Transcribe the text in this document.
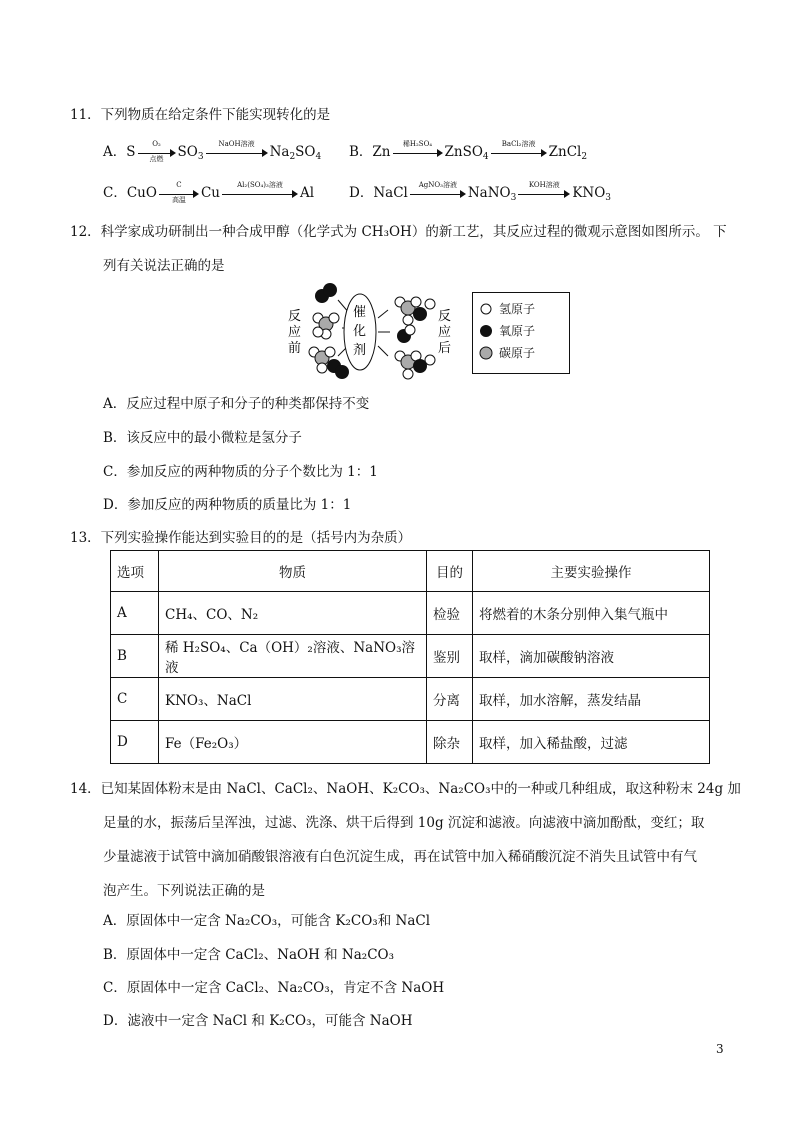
11．下列物质在给定条件下能实现转化的是
A．S
O₂
点燃	$SO_3$
NaOH溶液
$Na_2SO_4$ B．Zn
稀H₂SO₄
ZnSO$_4$
BaCl₂溶液
ZnCl$_2$
C．CuO
C
高温	Cu
Al₂(SO₄)₃溶液
Al	D．NaCl
AgNO₃溶液
NaNO$_3$
KOH溶液
$KNO_3$
12．科学家成功研制出一种合成甲醇（化学式为 CH₃OH）的新工艺，其反应过程的微观示意图如图所示。 下
列有关说法正确的是
反
应
前
催
化
剂
反
应
后
氢原子
氧原子
碳原子
A．反应过程中原子和分子的种类都保持不变
B．该反应中的最小微粒是氢分子
C．参加反应的两种物质的分子个数比为 1：1
D．参加反应的两种物质的质量比为 1：1
13．下列实验操作能达到实验目的的是（括号内为杂质）
选项	物质	目的	主要实验操作
A	CH₄、CO、N₂	检验	将燃着的木条分别伸入集气瓶中
B	稀 H₂SO₄、Ca（OH）₂溶液、NaNO₃溶液	鉴别	取样，滴加碳酸钠溶液
C	KNO₃、NaCl	分离	取样，加水溶解，蒸发结晶
D	Fe（Fe₂O₃）	除杂	取样，加入稀盐酸，过滤
14．已知某固体粉末是由 NaCl、CaCl₂、NaOH、K₂CO₃、Na₂CO₃中的一种或几种组成，取这种粉末 24g 加
足量的水，振荡后呈浑浊，过滤、洗涤、烘干后得到 10g 沉淀和滤液。向滤液中滴加酚酞，变红；取
少量滤液于试管中滴加硝酸银溶液有白色沉淀生成，再在试管中加入稀硝酸沉淀不消失且试管中有气
泡产生。下列说法正确的是
A．原固体中一定含 Na₂CO₃，可能含 K₂CO₃和 NaCl
B．原固体中一定含 CaCl₂、NaOH 和 Na₂CO₃
C．原固体中一定含 CaCl₂、Na₂CO₃，肯定不含 NaOH
D．滤液中一定含 NaCl 和 K₂CO₃，可能含 NaOH
3
